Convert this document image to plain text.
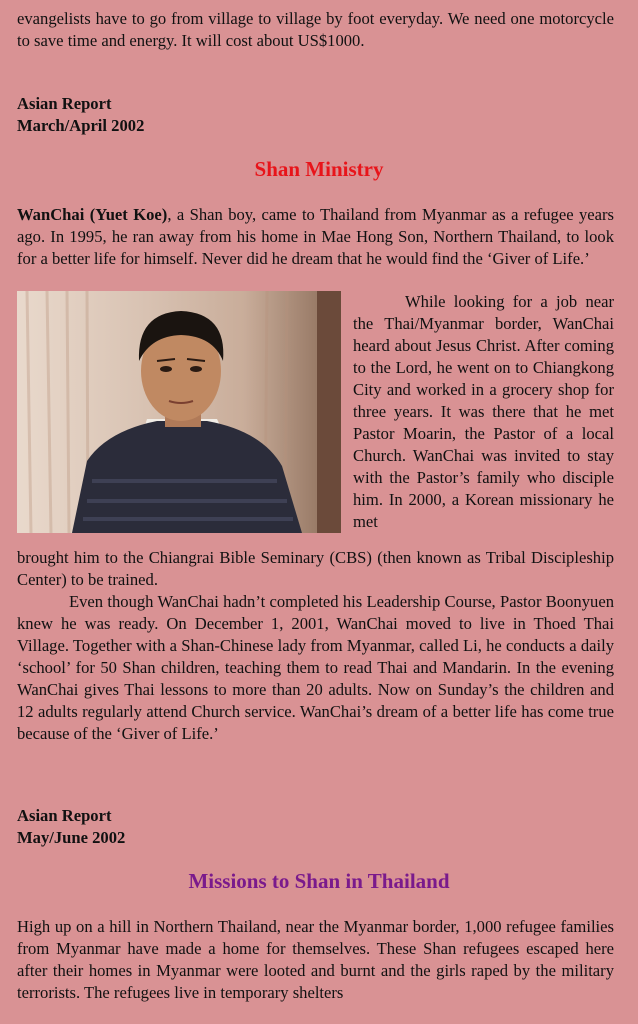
evangelists have to go from village to village by foot everyday. We need one motorcycle to save time and energy. It will cost about US$1000.

Asian Report
March/April 2002
Shan Ministry

WanChai (Yuet Koe), a Shan boy, came to Thailand from Myanmar as a refugee years ago. In 1995, he ran away from his home in Mae Hong Son, Northern Thailand, to look for a better life for himself. Never did he dream that he would find the ‘Giver of Life.’

While looking for a job near the Thai/Myanmar border, WanChai heard about Jesus Christ. After coming to the Lord, he went on to Chiangkong City and worked in a grocery shop for three years. It was there that he met Pastor Moarin, the Pastor of a local Church. WanChai was invited to stay with the Pastor’s family who disciple him. In 2000, a Korean missionary he met

brought him to the Chiangrai Bible Seminary (CBS) (then known as Tribal Discipleship Center) to be trained.

Even though WanChai hadn’t completed his Leadership Course, Pastor Boonyuen knew he was ready. On December 1, 2001, WanChai moved to live in Thoed Thai Village. Together with a Shan-Chinese lady from Myanmar, called Li, he conducts a daily ‘school’ for 50 Shan children, teaching them to read Thai and Mandarin. In the evening WanChai gives Thai lessons to more than 20 adults. Now on Sunday’s the children and 12 adults regularly attend Church service. WanChai’s dream of a better life has come true because of the ‘Giver of Life.’

Asian Report
May/June 2002
Missions to Shan in Thailand

High up on a hill in Northern Thailand, near the Myanmar border, 1,000 refugee families from Myanmar have made a home for themselves. These Shan refugees escaped here after their homes in Myanmar were looted and burnt and the girls raped by the military terrorists. The refugees live in temporary shelters
